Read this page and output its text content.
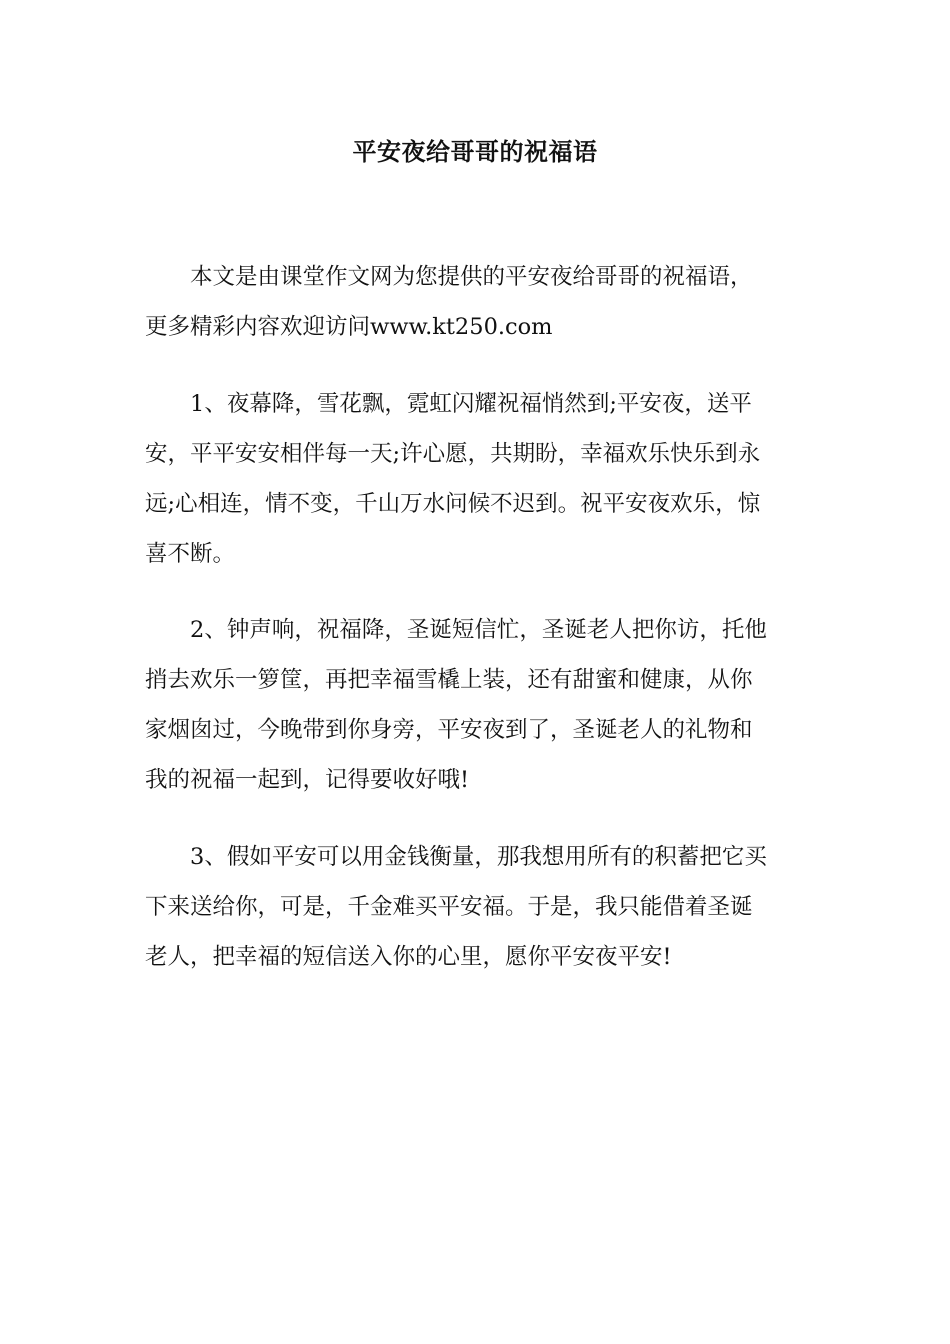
平安夜给哥哥的祝福语

本文是由课堂作文网为您提供的平安夜给哥哥的祝福语，
更多精彩内容欢迎访问www.kt250.com

1、夜幕降，雪花飘，霓虹闪耀祝福悄然到;平安夜，送平
安，平平安安相伴每一天;许心愿，共期盼，幸福欢乐快乐到永
远;心相连，情不变，千山万水问候不迟到。祝平安夜欢乐，惊
喜不断。

2、钟声响，祝福降，圣诞短信忙，圣诞老人把你访，托他
捎去欢乐一箩筐，再把幸福雪橇上装，还有甜蜜和健康，从你
家烟囱过，今晚带到你身旁，平安夜到了，圣诞老人的礼物和
我的祝福一起到，记得要收好哦!

3、假如平安可以用金钱衡量，那我想用所有的积蓄把它买
下来送给你，可是，千金难买平安福。于是，我只能借着圣诞
老人，把幸福的短信送入你的心里，愿你平安夜平安!
